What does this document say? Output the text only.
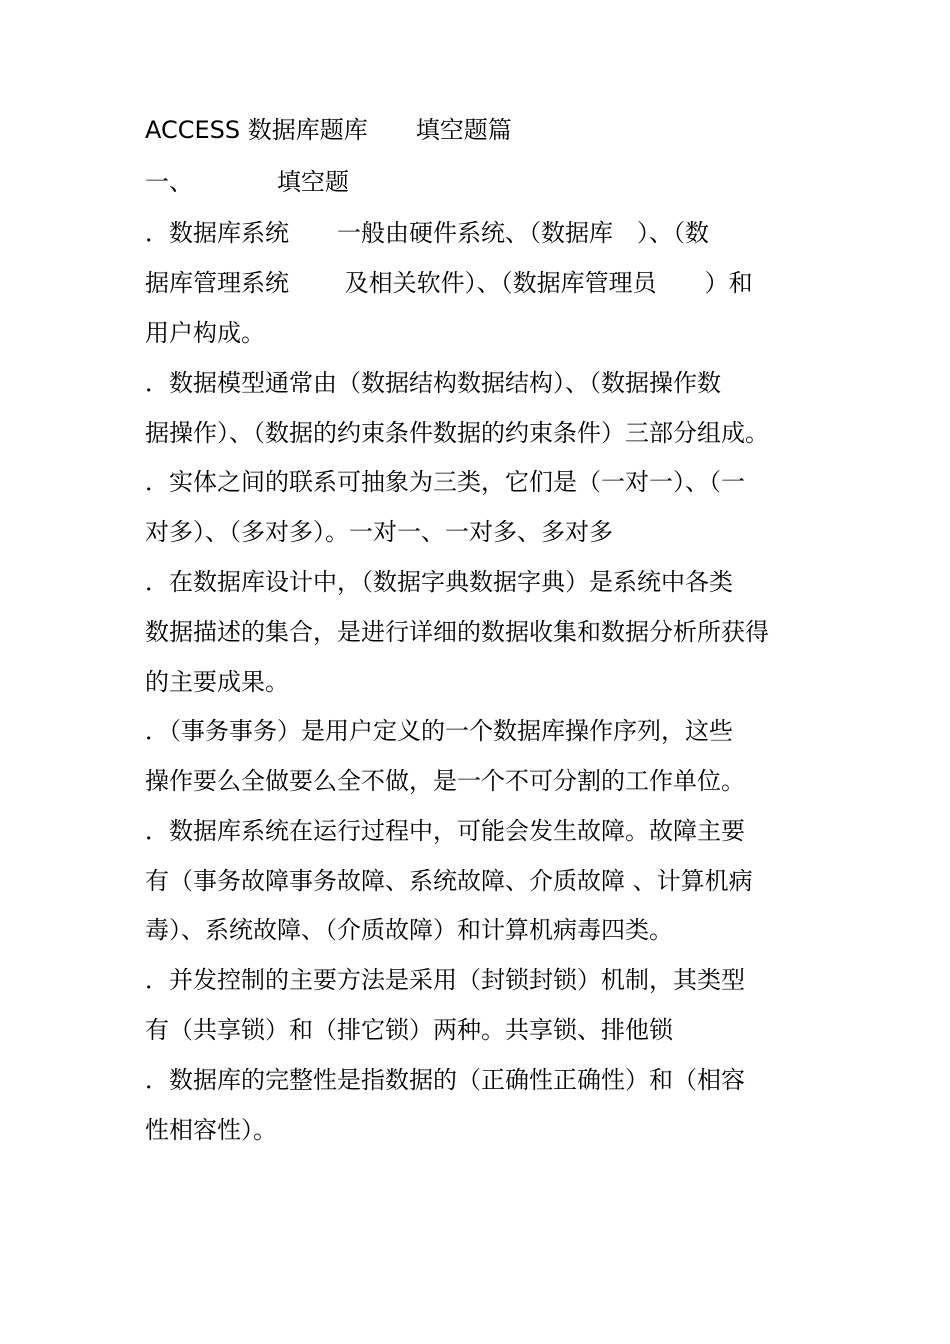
ACCESS 数据库题库　　填空题篇
一、　　　　填空题
．数据库系统　　一般由硬件系统、（数据库　）、（数
据库管理系统　　 及相关软件）、（数据库管理员　　）和
用户构成。
．数据模型通常由（数据结构数据结构）、（数据操作数
据操作）、（数据的约束条件数据的约束条件）三部分组成。
．实体之间的联系可抽象为三类，它们是（一对一）、（一
对多）、（多对多）。一对一、一对多、多对多
．在数据库设计中，（数据字典数据字典）是系统中各类
数据描述的集合，是进行详细的数据收集和数据分析所获得
的主要成果。
．（事务事务）是用户定义的一个数据库操作序列，这些
操作要么全做要么全不做，是一个不可分割的工作单位。
．数据库系统在运行过程中，可能会发生故障。故障主要
有（事务故障事务故障、系统故障、介质故障 、计算机病
毒）、系统故障、（介质故障）和计算机病毒四类。
．并发控制的主要方法是采用（封锁封锁）机制，其类型
有（共享锁）和（排它锁）两种。共享锁、排他锁
．数据库的完整性是指数据的（正确性正确性）和（相容
性相容性）。
